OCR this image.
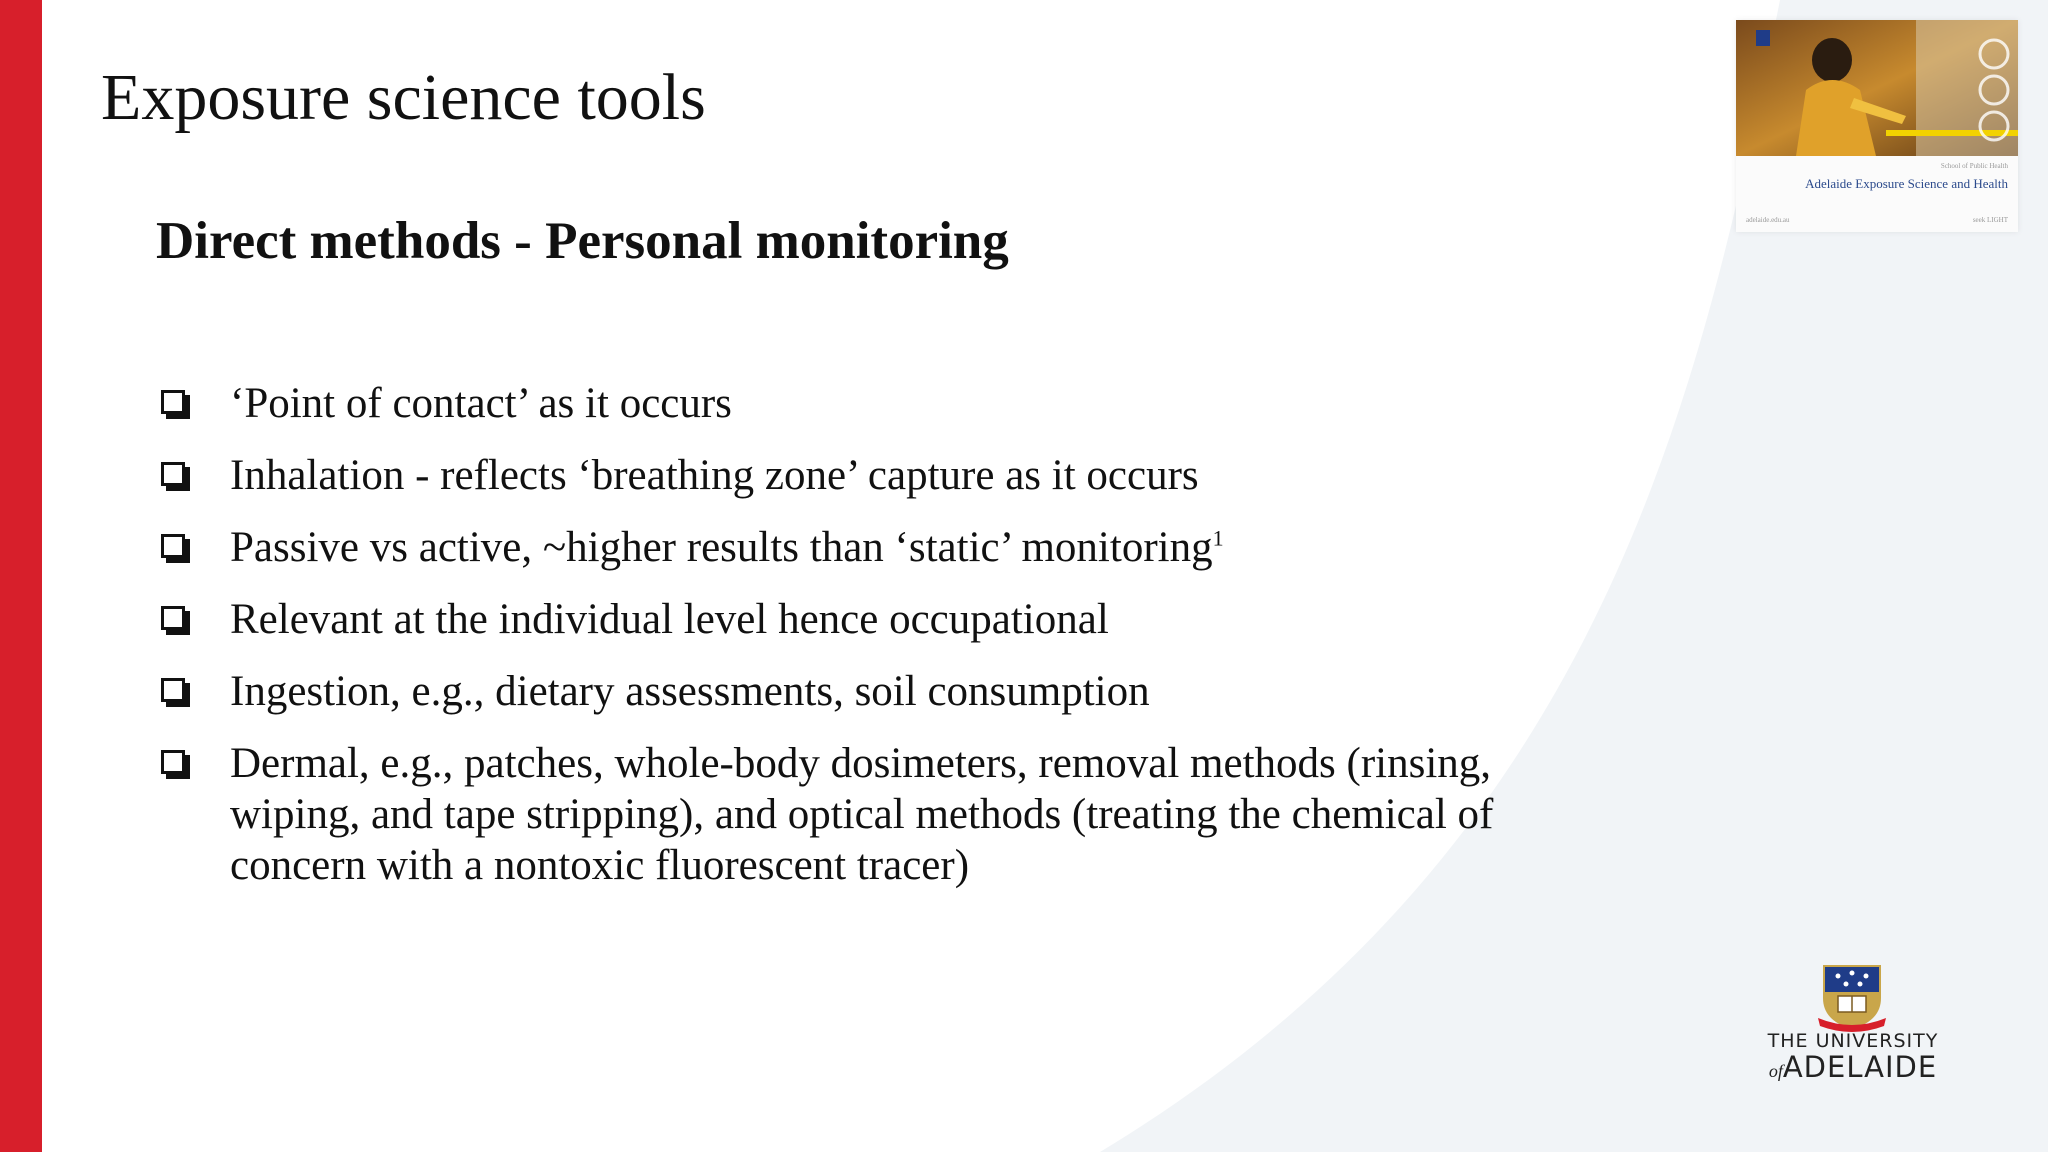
Exposure science tools
Direct methods - Personal monitoring
‘Point of contact’ as it occurs
Inhalation - reflects ‘breathing zone’ capture as it occurs
Passive vs active, ~higher results than ‘static’ monitoring$^1$
Relevant at the individual level hence occupational
Ingestion, e.g., dietary assessments, soil consumption
Dermal, e.g., patches, whole-body dosimeters, removal methods (rinsing, wiping, and tape stripping), and optical methods (treating the chemical of concern with a nontoxic fluorescent tracer)
School of Public Health
Adelaide Exposure Science and Health
adelaide.edu.au	seek LIGHT
THE UNIVERSITY
ofADELAIDE
